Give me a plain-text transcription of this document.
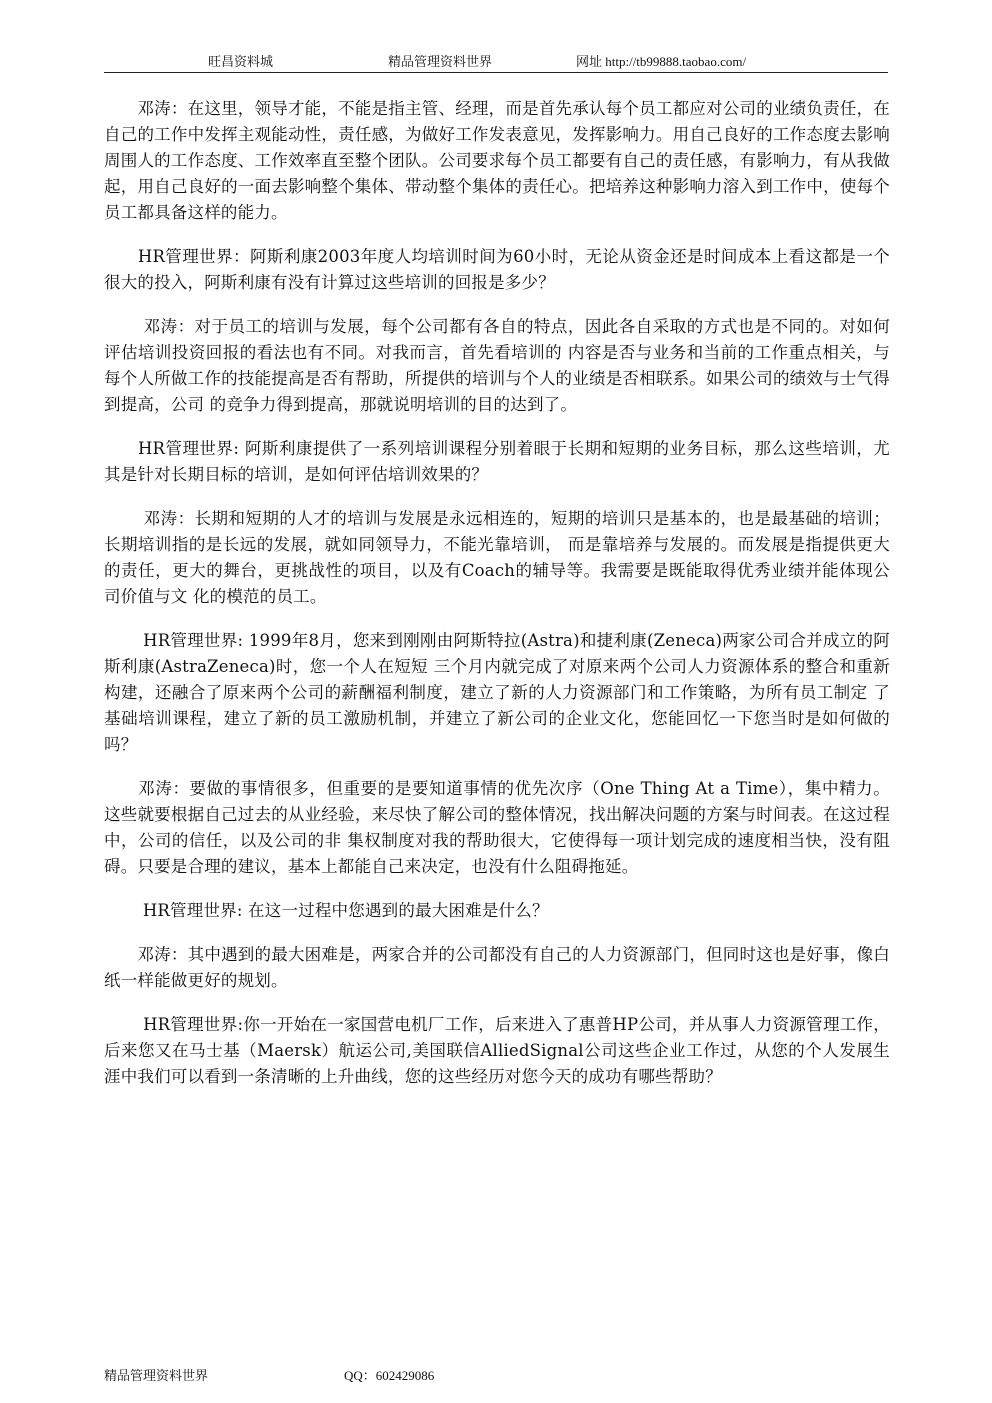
旺昌资料城	精品管理资料世界	网址 http://tb99888.taobao.com/

　　邓涛：在这里，领导才能，不能是指主管、经理，而是首先承认每个员工都应对公司的业绩负责任，在自己的工作中发挥主观能动性，责任感，为做好工作发表意见，发挥影响力。用自己良好的工作态度去影响周围人的工作态度、工作效率直至整个团队。公司要求每个员工都要有自己的责任感，有影响力，有从我做起，用自己良好的一面去影响整个集体、带动整个集体的责任心。把培养这种影响力溶入到工作中，使每个员工都具备这样的能力。

　　HR管理世界：阿斯利康2003年度人均培训时间为60小时，无论从资金还是时间成本上看这都是一个很大的投入，阿斯利康有没有计算过这些培训的回报是多少？

　　 邓涛：对于员工的培训与发展，每个公司都有各自的特点，因此各自采取的方式也是不同的。对如何评估培训投资回报的看法也有不同。对我而言，首先看培训的 内容是否与业务和当前的工作重点相关，与每个人所做工作的技能提高是否有帮助，所提供的培训与个人的业绩是否相联系。如果公司的绩效与士气得到提高，公司 的竞争力得到提高，那就说明培训的目的达到了。

　　HR管理世界: 阿斯利康提供了一系列培训课程分别着眼于长期和短期的业务目标，那么这些培训，尤其是针对长期目标的培训，是如何评估培训效果的？

　　 邓涛：长期和短期的人才的培训与发展是永远相连的，短期的培训只是基本的，也是最基础的培训；长期培训指的是长远的发展，就如同领导力，不能光靠培训， 而是靠培养与发展的。而发展是指提供更大的责任，更大的舞台，更挑战性的项目，以及有Coach的辅导等。我需要是既能取得优秀业绩并能体现公司价值与文 化的模范的员工。

　　 HR管理世界: 1999年8月，您来到刚刚由阿斯特拉(Astra)和捷利康(Zeneca)两家公司合并成立的阿斯利康(AstraZeneca)时，您一个人在短短 三个月内就完成了对原来两个公司人力资源体系的整合和重新构建，还融合了原来两个公司的薪酬福利制度，建立了新的人力资源部门和工作策略，为所有员工制定 了基础培训课程，建立了新的员工激励机制，并建立了新公司的企业文化，您能回忆一下您当时是如何做的吗？

　　邓涛：要做的事情很多，但重要的是要知道事情的优先次序（One Thing At a Time），集中精力。这些就要根据自己过去的从业经验，来尽快了解公司的整体情况，找出解决问题的方案与时间表。在这过程中，公司的信任，以及公司的非 集权制度对我的帮助很大，它使得每一项计划完成的速度相当快，没有阻碍。只要是合理的建议，基本上都能自己来决定，也没有什么阻碍拖延。

　　 HR管理世界: 在这一过程中您遇到的最大困难是什么？

　　邓涛：其中遇到的最大困难是，两家合并的公司都没有自己的人力资源部门，但同时这也是好事，像白纸一样能做更好的规划。

　　 HR管理世界:你一开始在一家国营电机厂工作，后来进入了惠普HP公司，并从事人力资源管理工作，后来您又在马士基（Maersk）航运公司,美国联信AlliedSignal公司这些企业工作过，从您的个人发展生涯中我们可以看到一条清晰的上升曲线，您的这些经历对您今天的成功有哪些帮助？

精品管理资料世界	QQ：602429086
